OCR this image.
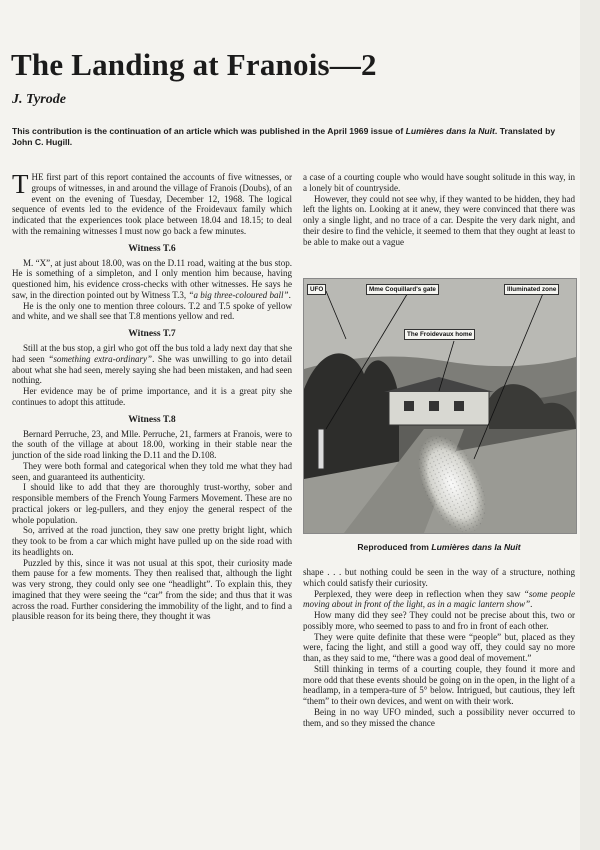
The Landing at Franois—2
J. Tyrode

This contribution is the continuation of an article which was published in the April 1969 issue of Lumières dans la Nuit. Translated by John C. Hugill.

THE first part of this report contained the accounts of five witnesses, or groups of witnesses, in and around the village of Franois (Doubs), of an event on the evening of Tuesday, December 12, 1968. The logical sequence of events led to the evidence of the Froidevaux family which indicated that the experiences took place between 18.04 and 18.15; to deal with the remaining witnesses I must now go back a few minutes.

Witness T.6

M. “X”, at just about 18.00, was on the D.11 road, waiting at the bus stop. He is something of a simpleton, and I only mention him because, having questioned him, his evidence cross-checks with other witnesses. He says he saw, in the direction pointed out by Witness T.3, “a big three-coloured ball”.

He is the only one to mention three colours. T.2 and T.5 spoke of yellow and white, and we shall see that T.8 mentions yellow and red.

Witness T.7

Still at the bus stop, a girl who got off the bus told a lady next day that she had seen “something extra-ordinary”. She was unwilling to go into detail about what she had seen, merely saying she had been mistaken, and had seen nothing.

Her evidence may be of prime importance, and it is a great pity she continues to adopt this attitude.

Witness T.8

Bernard Perruche, 23, and Mlle. Perruche, 21, farmers at Franois, were to the south of the village at about 18.00, working in their stable near the junction of the side road linking the D.11 and the D.108.

They were both formal and categorical when they told me what they had seen, and guaranteed its authenticity.

I should like to add that they are thoroughly trust-worthy, sober and responsible members of the French Young Farmers Movement. These are no practical jokers or leg-pullers, and they enjoy the general respect of the whole population.

So, arrived at the road junction, they saw one pretty bright light, which they took to be from a car which might have pulled up on the side road with its headlights on.

Puzzled by this, since it was not usual at this spot, their curiosity made them pause for a few moments. They then realised that, although the light was very strong, they could only see one “headlight”. To explain this, they imagined that they were seeing the “car” from the side; and thus that it was across the road. Further considering the immobility of the light, and to find a plausible reason for its being there, they thought it was

a case of a courting couple who would have sought solitude in this way, in a lonely bit of countryside.

However, they could not see why, if they wanted to be hidden, they had left the lights on. Looking at it anew, they were convinced that there was only a single light, and no trace of a car. Despite the very dark night, and their desire to find the vehicle, it seemed to them that they ought at least to be able to make out a vague

UFO	Mme Coquillard's gate	Illuminated zone
The Froidevaux home

Reproduced from Lumières dans la Nuit

shape . . . but nothing could be seen in the way of a structure, nothing which could satisfy their curiosity.

Perplexed, they were deep in reflection when they saw “some people moving about in front of the light, as in a magic lantern show”.

How many did they see? They could not be precise about this, two or possibly more, who seemed to pass to and fro in front of each other.

They were quite definite that these were “people” but, placed as they were, facing the light, and still a good way off, they could say no more than, as they said to me, “there was a good deal of movement.”

Still thinking in terms of a courting couple, they found it more and more odd that these events should be going on in the open, in the light of a headlamp, in a tempera-ture of 5° below. Intrigued, but cautious, they left “them” to their own devices, and went on with their work.

Being in no way UFO minded, such a possibility never occurred to them, and so they missed the chance
